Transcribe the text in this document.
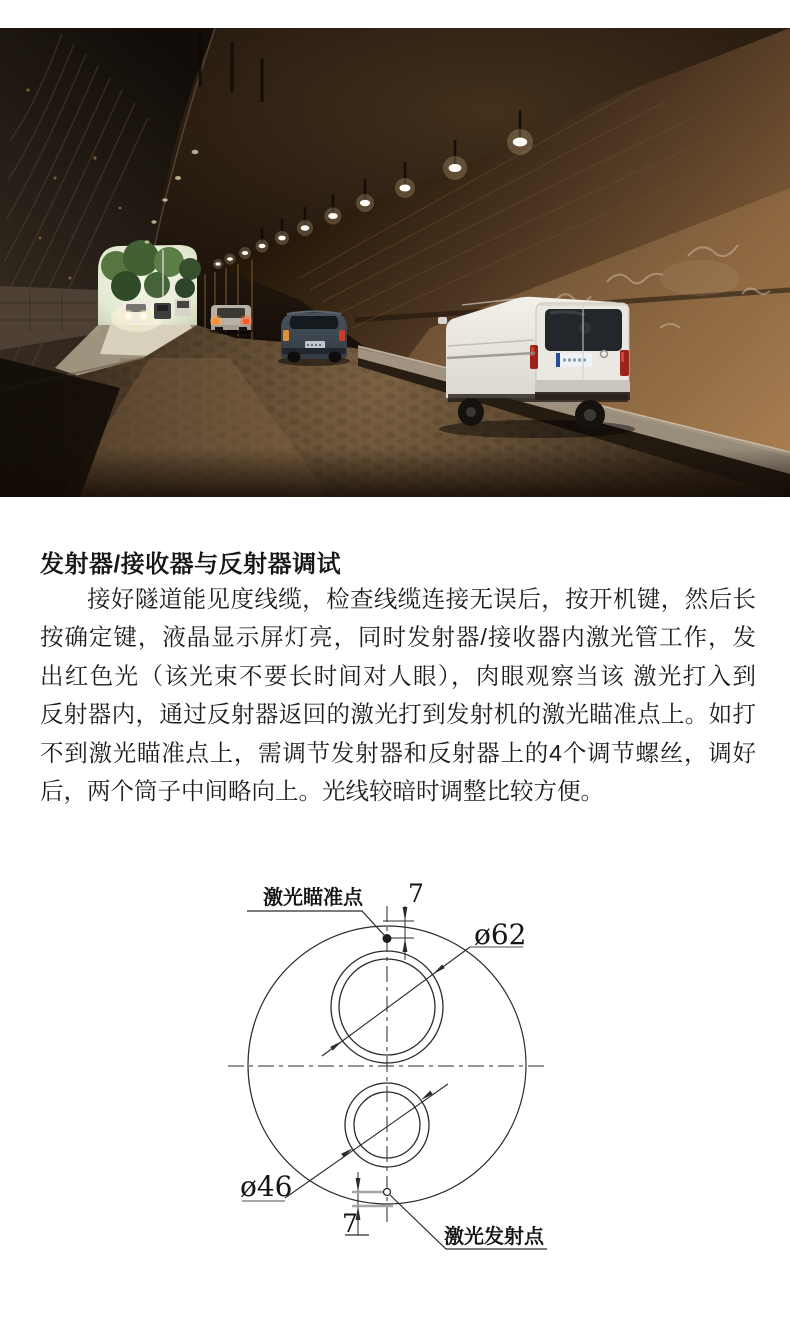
发射器/接收器与反射器调试
接好隧道能见度线缆，检查线缆连接无误后，按开机键，然后长
按确定键，液晶显示屏灯亮，同时发射器/接收器内激光管工作，发
出红色光（该光束不要长时间对人眼），肉眼观察当该 激光打入到
反射器内，通过反射器返回的激光打到发射机的激光瞄准点上。如打
不到激光瞄准点上，需调节发射器和反射器上的4个调节螺丝，调好
后，两个筒子中间略向上。光线较暗时调整比较方便。
激光瞄准点 7
ø62
ø46
7	激光发射点
